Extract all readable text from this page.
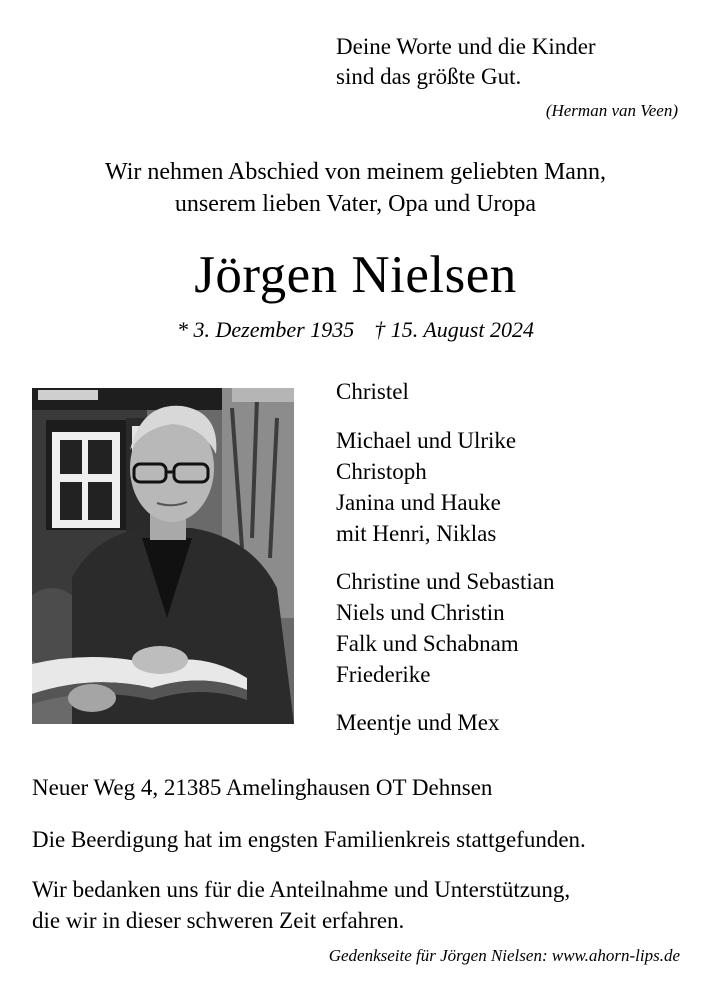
Deine Worte und die Kinder

sind das größte Gut.

(Herman van Veen)

Wir nehmen Abschied von meinem geliebten Mann,

unserem lieben Vater, Opa und Uropa

Jörgen Nielsen

* 3. Dezember 1935 † 15. August 2024

Christel

Michael und Ulrike

Christoph

Janina und Hauke

mit Henri, Niklas

Christine und Sebastian

Niels und Christin

Falk und Schabnam

Friederike

Meentje und Mex

Neuer Weg 4, 21385 Amelinghausen OT Dehnsen

Die Beerdigung hat im engsten Familienkreis stattgefunden.

Wir bedanken uns für die Anteilnahme und Unterstützung,

die wir in dieser schweren Zeit erfahren.

Gedenkseite für Jörgen Nielsen: www.ahorn-lips.de
